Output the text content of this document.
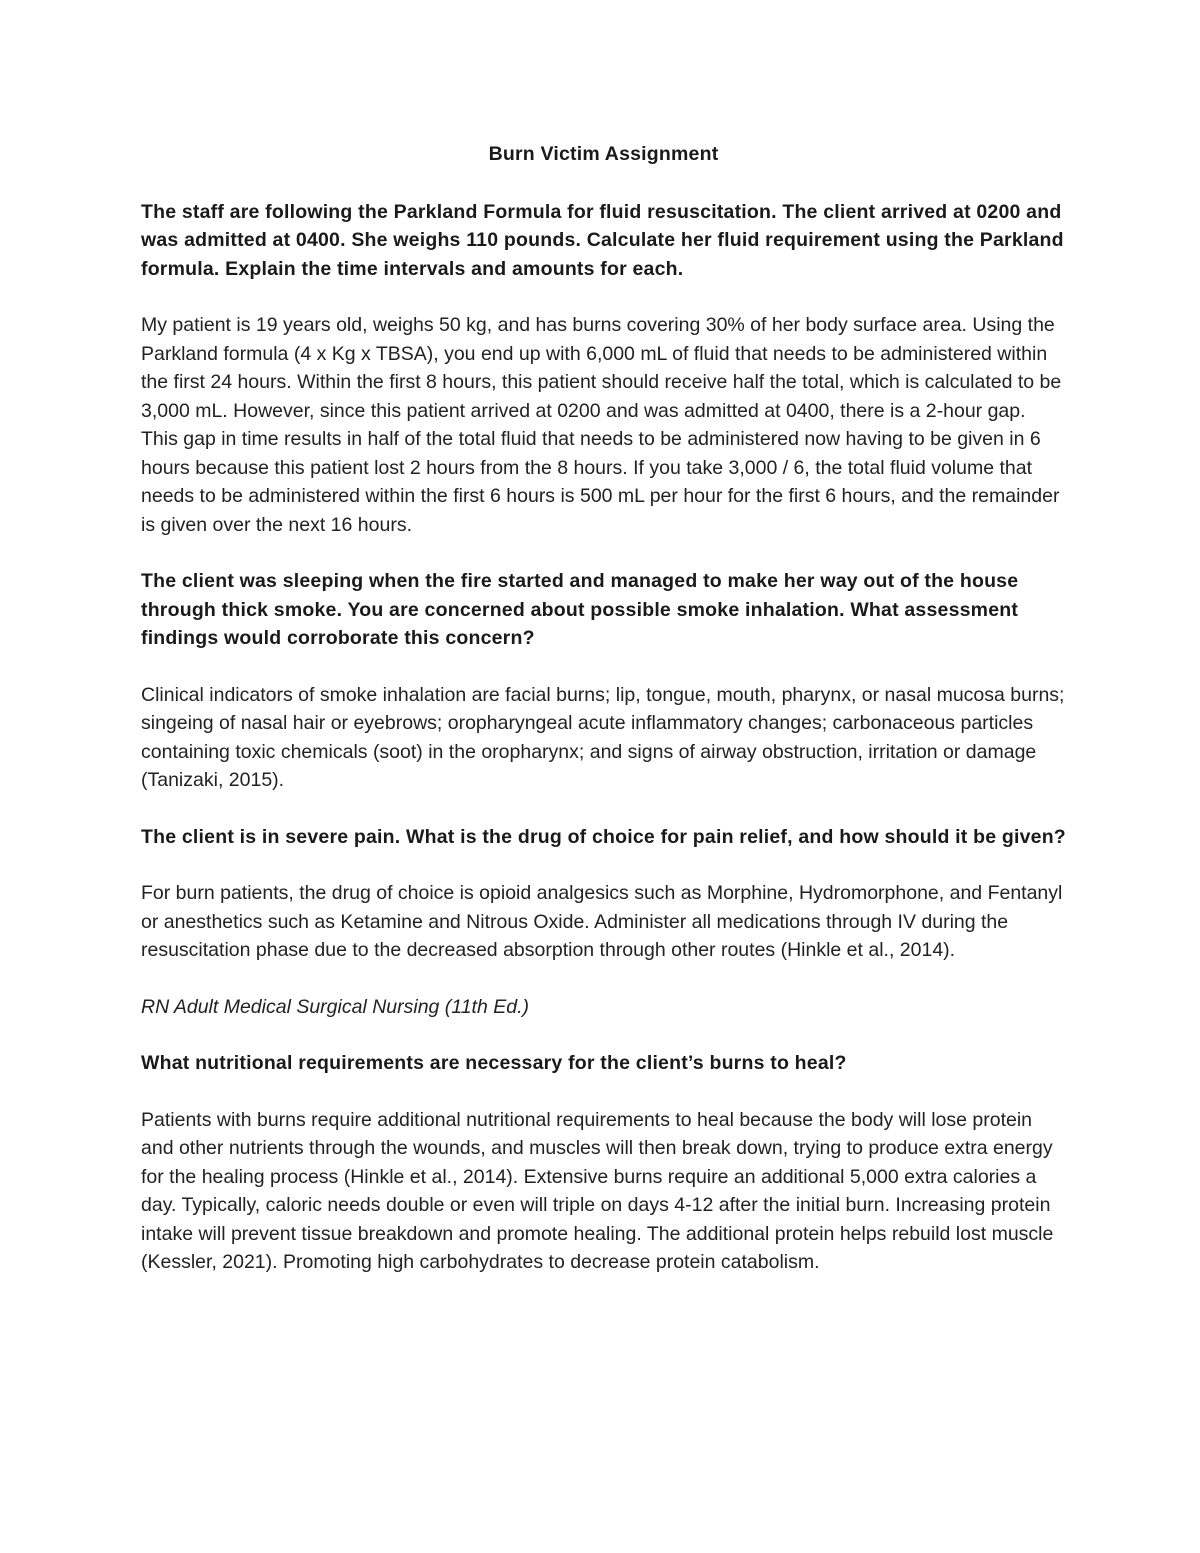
Burn Victim Assignment
The staff are following the Parkland Formula for fluid resuscitation. The client arrived at 0200 and was admitted at 0400. She weighs 110 pounds. Calculate her fluid requirement using the Parkland formula. Explain the time intervals and amounts for each.
My patient is 19 years old, weighs 50 kg, and has burns covering 30% of her body surface area. Using the Parkland formula (4 x Kg x TBSA), you end up with 6,000 mL of fluid that needs to be administered within the first 24 hours. Within the first 8 hours, this patient should receive half the total, which is calculated to be 3,000 mL. However, since this patient arrived at 0200 and was admitted at 0400, there is a 2-hour gap. This gap in time results in half of the total fluid that needs to be administered now having to be given in 6 hours because this patient lost 2 hours from the 8 hours. If you take 3,000 / 6, the total fluid volume that needs to be administered within the first 6 hours is 500 mL per hour for the first 6 hours, and the remainder is given over the next 16 hours.
The client was sleeping when the fire started and managed to make her way out of the house through thick smoke. You are concerned about possible smoke inhalation. What assessment findings would corroborate this concern?
Clinical indicators of smoke inhalation are facial burns; lip, tongue, mouth, pharynx, or nasal mucosa burns; singeing of nasal hair or eyebrows; oropharyngeal acute inflammatory changes; carbonaceous particles containing toxic chemicals (soot) in the oropharynx; and signs of airway obstruction, irritation or damage (Tanizaki, 2015).
The client is in severe pain. What is the drug of choice for pain relief, and how should it be given?
For burn patients, the drug of choice is opioid analgesics such as Morphine, Hydromorphone, and Fentanyl or anesthetics such as Ketamine and Nitrous Oxide. Administer all medications through IV during the resuscitation phase due to the decreased absorption through other routes (Hinkle et al., 2014).
RN Adult Medical Surgical Nursing (11th Ed.)
What nutritional requirements are necessary for the client’s burns to heal?
Patients with burns require additional nutritional requirements to heal because the body will lose protein and other nutrients through the wounds, and muscles will then break down, trying to produce extra energy for the healing process (Hinkle et al., 2014). Extensive burns require an additional 5,000 extra calories a day. Typically, caloric needs double or even will triple on days 4-12 after the initial burn. Increasing protein intake will prevent tissue breakdown and promote healing. The additional protein helps rebuild lost muscle (Kessler, 2021). Promoting high carbohydrates to decrease protein catabolism.
